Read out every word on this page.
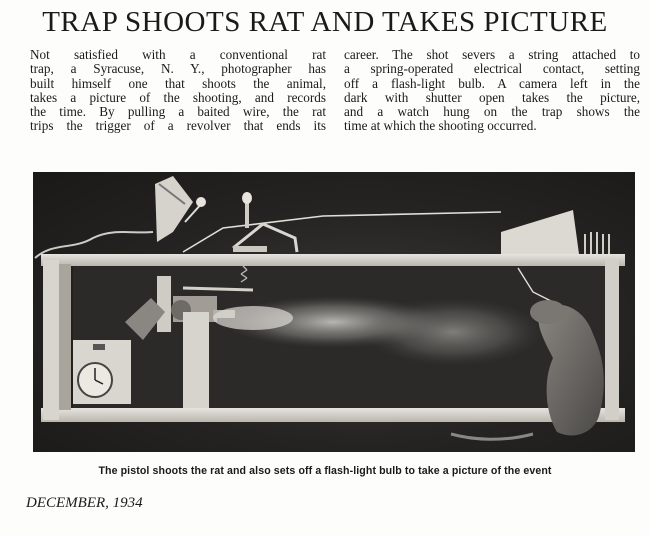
TRAP SHOOTS RAT AND TAKES PICTURE
Not satisfied with a conventional rat
trap, a Syracuse, N. Y., photographer has
built himself one that shoots the animal,
takes a picture of the shooting, and records
the time. By pulling a baited wire, the rat
trips the trigger of a revolver that ends its
career. The shot severs a string attached to
a spring-operated electrical contact, setting
off a flash-light bulb. A camera left in the
dark with shutter open takes the picture,
and a watch hung on the trap shows the
time at which the shooting occurred.
The pistol shoots the rat and also sets off a flash-light bulb to take a picture of the event
DECEMBER, 1934
